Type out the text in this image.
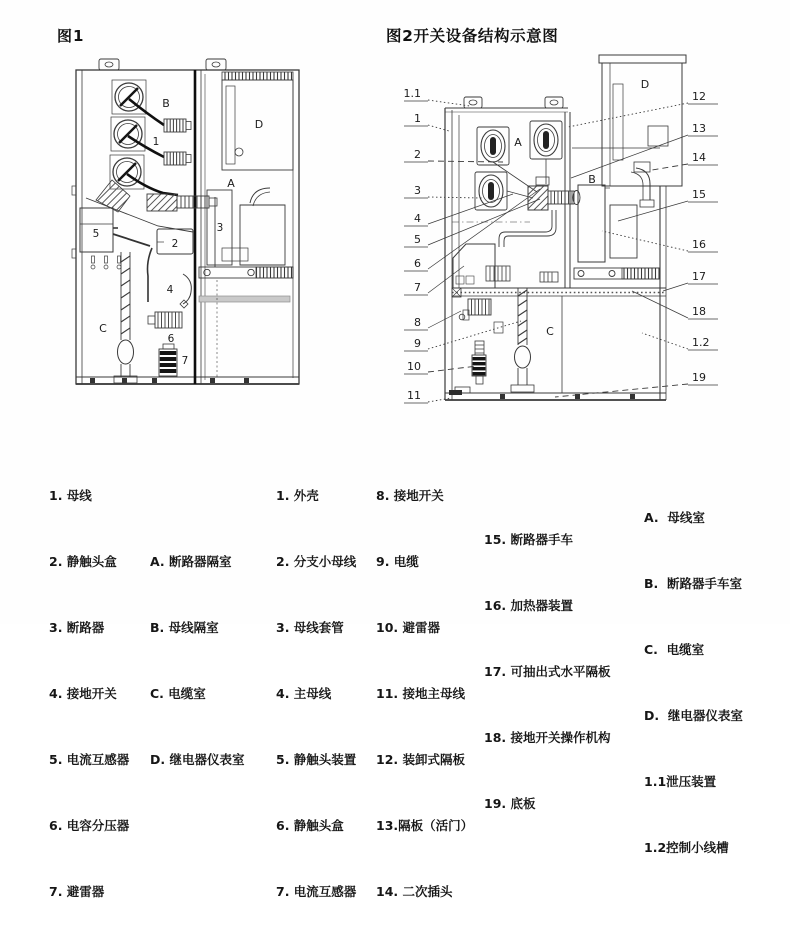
图1	图2开关设备结构示意图
B
1
D
A
3
5
2
4
C
6
7
A
B
C
D
1.1
1
2
3
4
5
6
7
8
9
10
11
12
13
14
15
16
17
18
1.2
19

1. 母线

2. 静触头盒

3. 断路器

4. 接地开关

5. 电流互感器

6. 电容分压器

7. 避雷器

A. 断路器隔室

B. 母线隔室

C. 电缆室

D. 继电器仪表室

1. 外壳

2. 分支小母线

3. 母线套管

4. 主母线

5. 静触头装置

6. 静触头盒

7. 电流互感器

8. 接地开关

9. 电缆

10. 避雷器

11. 接地主母线

12. 装卸式隔板

13.隔板（活门）

14. 二次插头

15. 断路器手车

16. 加热器装置

17. 可抽出式水平隔板

18. 接地开关操作机构

19. 底板

A.  母线室

B.  断路器手车室

C.  电缆室

D.  继电器仪表室

1.1泄压装置

1.2控制小线槽
